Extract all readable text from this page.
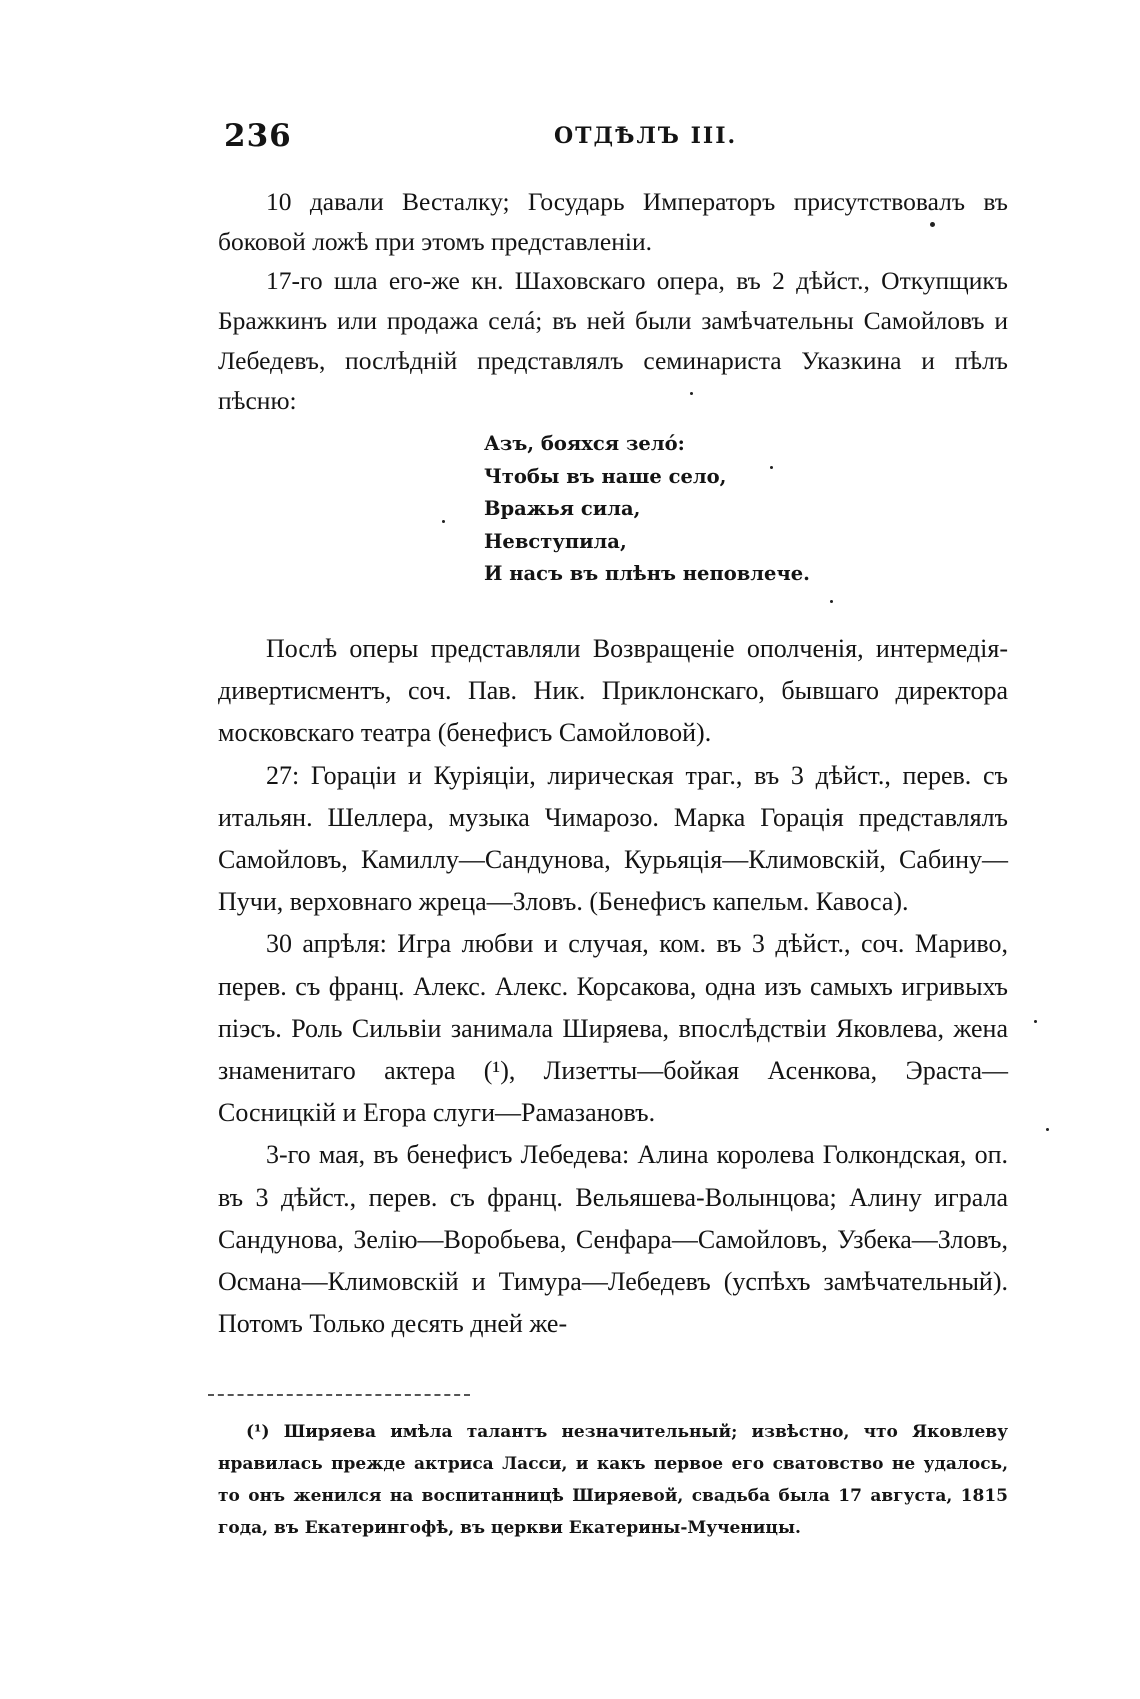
236	ОТДѢЛЪ III.

10 давали Весталку; Государь Императоръ присутствовалъ въ боковой ложѣ при этомъ представленіи.

17-го шла его-же кн. Шаховскаго опера, въ 2 дѣйст., Откупщикъ Бражкинъ или продажа селá; въ ней были замѣчательны Самойловъ и Лебедевъ, послѣдній представлялъ семинариста Указкина и пѣлъ пѣсню:

Азъ, бояхся зелó:
Чтобы въ наше село,
Вражья сила,
Невступила,
И насъ въ плѣнъ неповлече.

Послѣ оперы представляли Возвращеніе ополченія, интермедія-дивертисментъ, соч. Пав. Ник. Приклонскаго, бывшаго директора московскаго театра (бенефисъ Самойловой).

27: Гораціи и Куріяціи, лирическая траг., въ 3 дѣйст., перев. съ итальян. Шеллера, музыка Чимарозо. Марка Горація представлялъ Самойловъ, Камиллу—Сандунова, Курьяція—Климовскій, Сабину—Пучи, верховнаго жреца—Зловъ. (Бенефисъ капельм. Кавоса).

30 апрѣля: Игра любви и случая, ком. въ 3 дѣйст., соч. Мариво, перев. съ франц. Алекс. Алекс. Корсакова, одна изъ самыхъ игривыхъ піэсъ. Роль Сильвіи занимала Ширяева, впослѣдствіи Яковлева, жена знаменитаго актера (¹), Лизетты—бойкая Асенкова, Эраста—Сосницкій и Егора слуги—Рамазановъ.

3-го мая, въ бенефисъ Лебедева: Алина королева Голкондская, оп. въ 3 дѣйст., перев. съ франц. Вельяшева-Волынцова; Алину играла Сандунова, Зелію—Воробьева, Сенфара—Самойловъ, Узбека—Зловъ, Османа—Климовскій и Тимура—Лебедевъ (успѣхъ замѣчательный). Потомъ Только десять дней же-

(¹) Ширяева имѣла талантъ незначительный; извѣстно, что Яковлеву нравилась прежде актриса Ласси, и какъ первое его сватовство не удалось, то онъ женился на воспитанницѣ Ширяевой, свадьба была 17 августа, 1815 года, въ Екатерингофѣ, въ церкви Екатерины-Мученицы.
